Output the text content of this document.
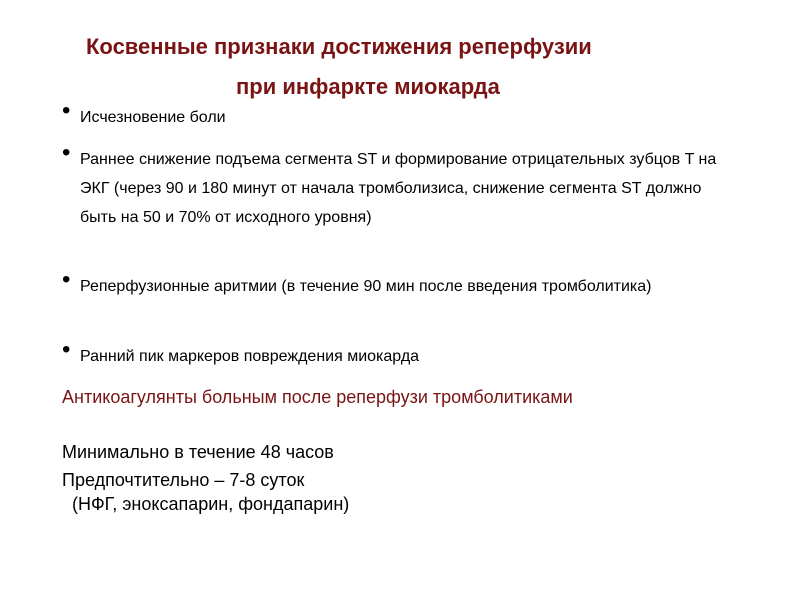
Косвенные признаки достижения реперфузии
при инфаркте миокарда
• Исчезновение боли
• Раннее снижение подъема сегмента ST и формирование отрицательных зубцов T на ЭКГ (через 90 и 180 минут от начала тромболизиса, снижение сегмента ST должно быть на 50 и 70% от исходного уровня)
• Реперфузионные аритмии (в течение 90 мин после введения тромболитика)
• Ранний пик маркеров повреждения миокарда
Антикоагулянты больным после реперфузи тромболитиками
Минимально в течение 48 часов
Предпочтительно – 7-8 суток
(НФГ, эноксапарин, фондапарин)
